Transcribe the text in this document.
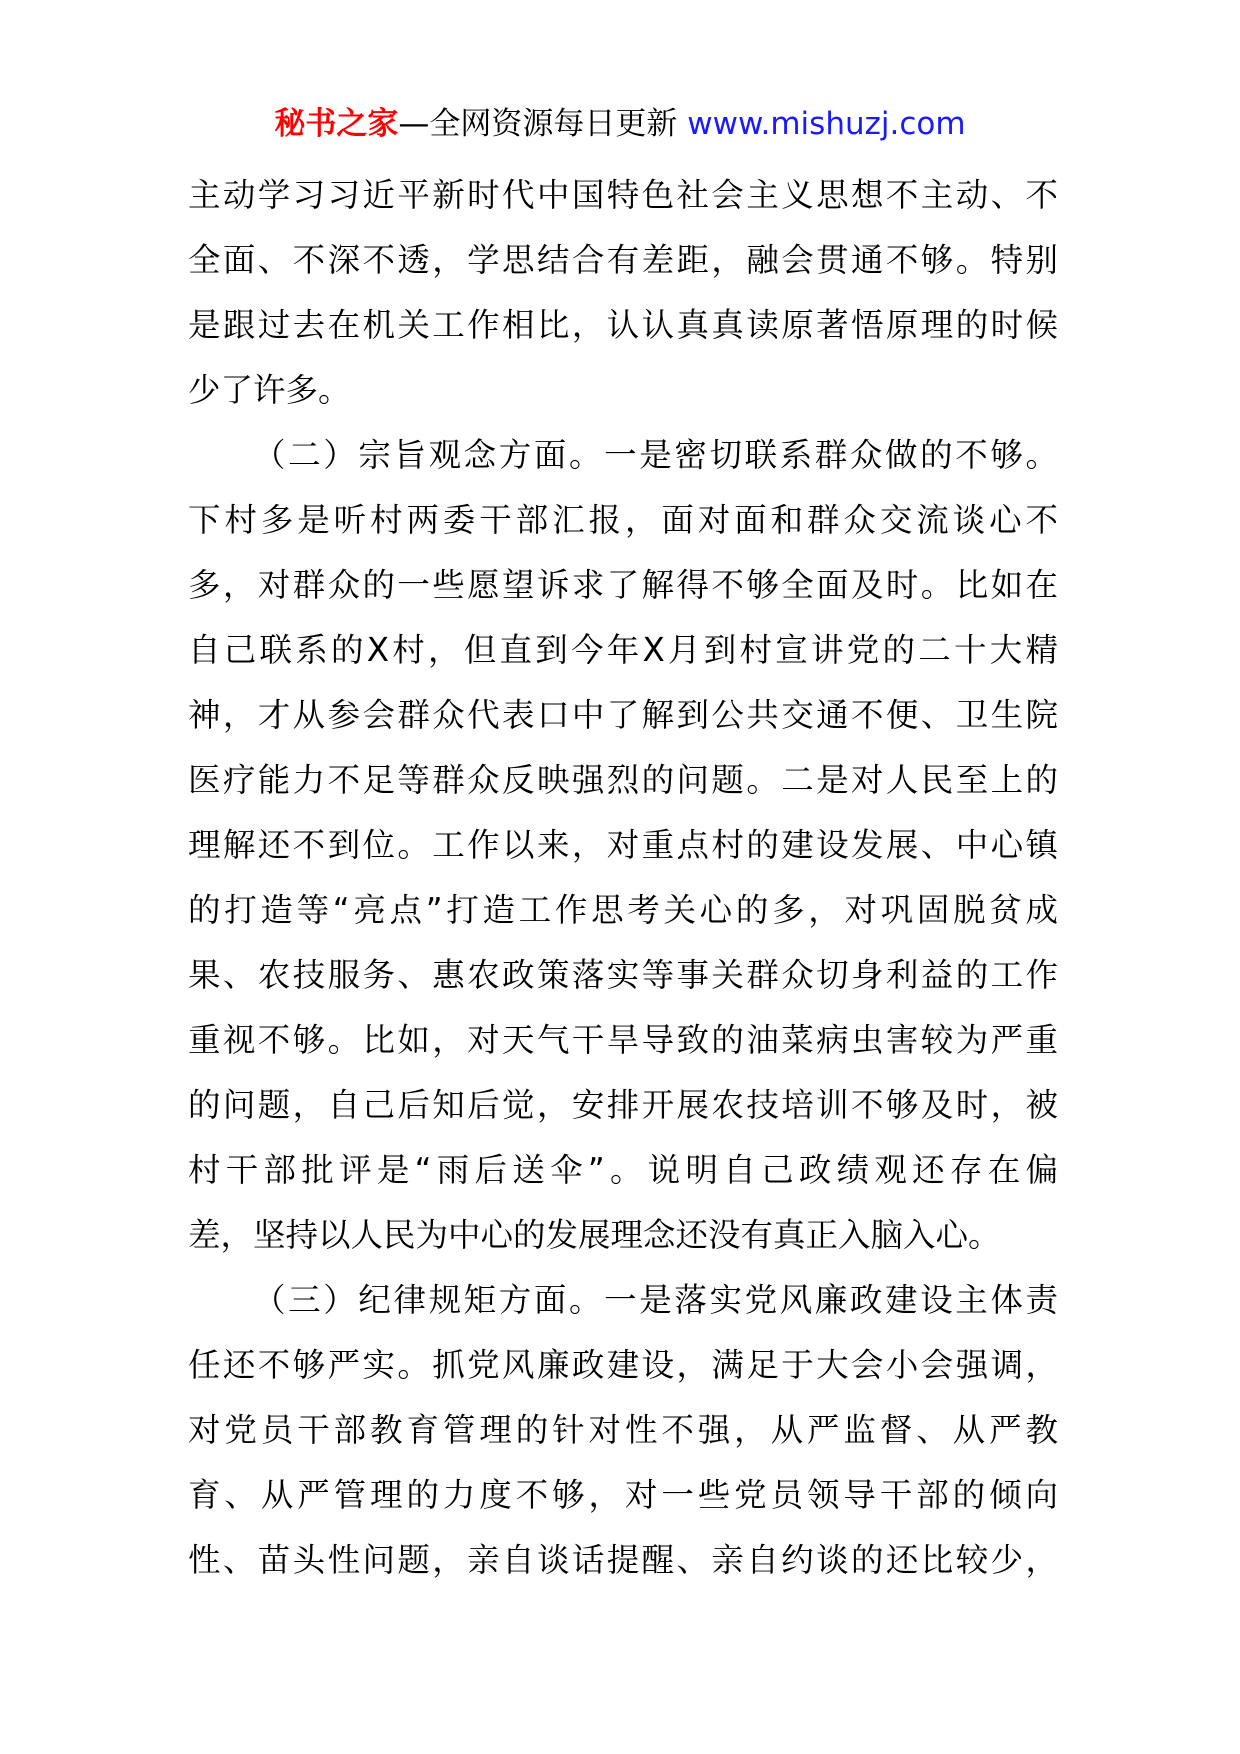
秘书之家—全网资源每日更新 www.mishuzj.com
主动学习习近平新时代中国特色社会主义思想不主动、不
全面、不深不透，学思结合有差距，融会贯通不够。特别
是跟过去在机关工作相比，认认真真读原著悟原理的时候
少了许多。
（二）宗旨观念方面。一是密切联系群众做的不够。
下村多是听村两委干部汇报，面对面和群众交流谈心不
多，对群众的一些愿望诉求了解得不够全面及时。比如在
自己联系的X村，但直到今年X月到村宣讲党的二十大精
神，才从参会群众代表口中了解到公共交通不便、卫生院
医疗能力不足等群众反映强烈的问题。二是对人民至上的
理解还不到位。工作以来，对重点村的建设发展、中心镇
的打造等“亮点”打造工作思考关心的多，对巩固脱贫成
果、农技服务、惠农政策落实等事关群众切身利益的工作
重视不够。比如，对天气干旱导致的油菜病虫害较为严重
的问题，自己后知后觉，安排开展农技培训不够及时，被
村干部批评是“雨后送伞”。说明自己政绩观还存在偏
差，坚持以人民为中心的发展理念还没有真正入脑入心。
（三）纪律规矩方面。一是落实党风廉政建设主体责
任还不够严实。抓党风廉政建设，满足于大会小会强调，
对党员干部教育管理的针对性不强，从严监督、从严教
育、从严管理的力度不够，对一些党员领导干部的倾向
性、苗头性问题，亲自谈话提醒、亲自约谈的还比较少，
